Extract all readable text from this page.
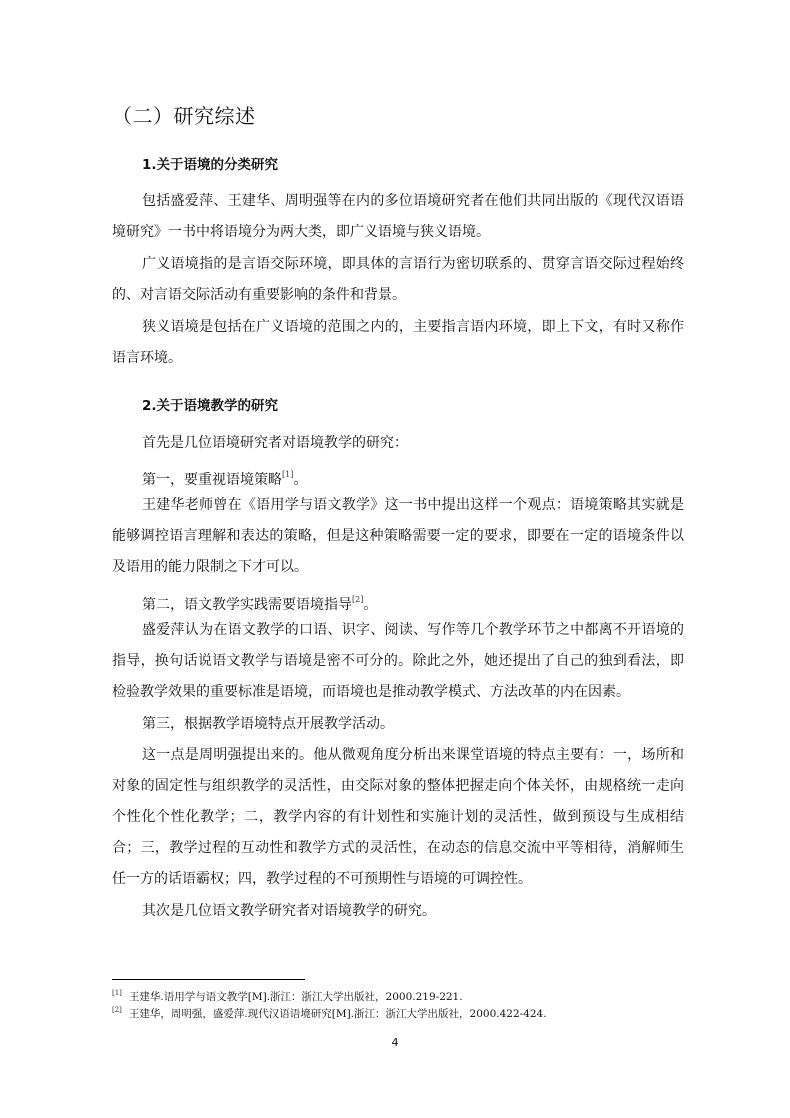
（二）研究综述
1.关于语境的分类研究
包括盛爱萍、王建华、周明强等在内的多位语境研究者在他们共同出版的《现代汉语语境研究》一书中将语境分为两大类，即广义语境与狭义语境。
广义语境指的是言语交际环境，即具体的言语行为密切联系的、贯穿言语交际过程始终的、对言语交际活动有重要影响的条件和背景。
狭义语境是包括在广义语境的范围之内的，主要指言语内环境，即上下文，有时又称作语言环境。
2.关于语境教学的研究
首先是几位语境研究者对语境教学的研究：
第一，要重视语境策略[1]。
王建华老师曾在《语用学与语文教学》这一书中提出这样一个观点：语境策略其实就是能够调控语言理解和表达的策略，但是这种策略需要一定的要求，即要在一定的语境条件以及语用的能力限制之下才可以。
第二，语文教学实践需要语境指导[2]。
盛爱萍认为在语文教学的口语、识字、阅读、写作等几个教学环节之中都离不开语境的指导，换句话说语文教学与语境是密不可分的。除此之外，她还提出了自己的独到看法，即检验教学效果的重要标准是语境，而语境也是推动教学模式、方法改革的内在因素。
第三，根据教学语境特点开展教学活动。
这一点是周明强提出来的。他从微观角度分析出来课堂语境的特点主要有：一，场所和对象的固定性与组织教学的灵活性，由交际对象的整体把握走向个体关怀，由规格统一走向个性化个性化教学；二，教学内容的有计划性和实施计划的灵活性，做到预设与生成相结合；三，教学过程的互动性和教学方式的灵活性，在动态的信息交流中平等相待，消解师生任一方的话语霸权；四，教学过程的不可预期性与语境的可调控性。
其次是几位语文教学研究者对语境教学的研究。
[1] 王建华.语用学与语文教学[M].浙江：浙江大学出版社，2000.219-221.
[2] 王建华，周明强，盛爱萍.现代汉语语境研究[M].浙江：浙江大学出版社，2000.422-424.
4
